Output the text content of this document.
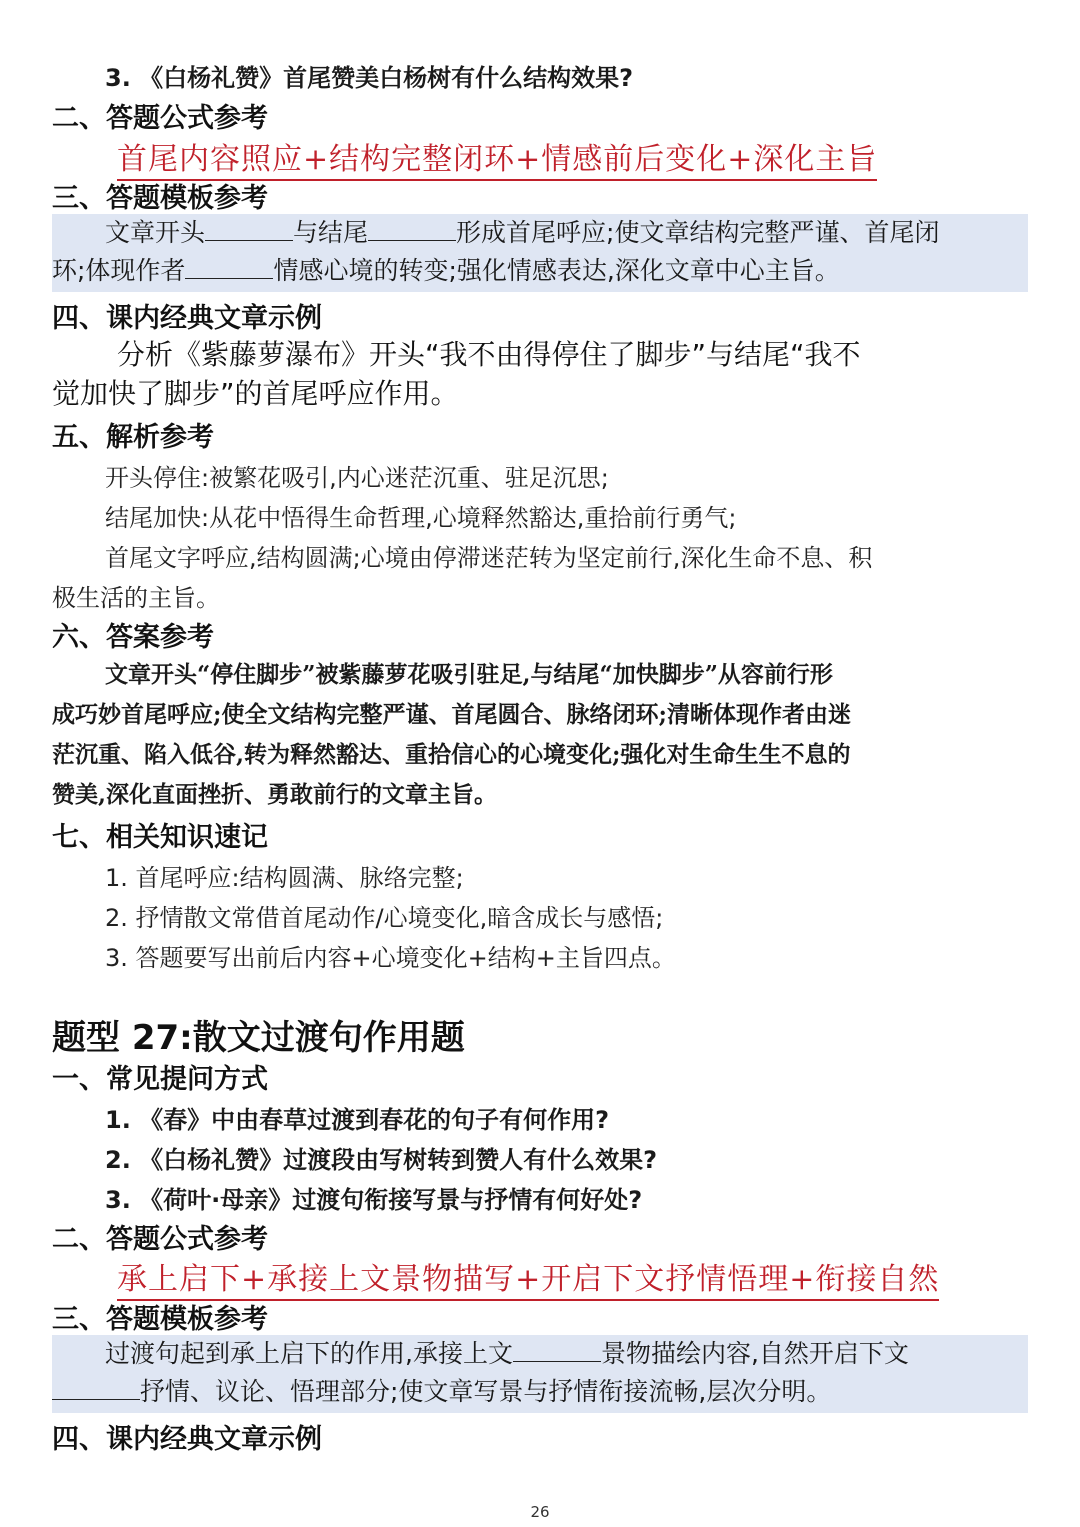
3. 《白杨礼赞》首尾赞美白杨树有什么结构效果?
二、答题公式参考
首尾内容照应+结构完整闭环+情感前后变化+深化主旨
三、答题模板参考
文章开头	与结尾	形成首尾呼应;使文章结构完整严谨、首尾闭
环;体现作者	情感心境的转变;强化情感表达,深化文章中心主旨。
四、课内经典文章示例
分析《紫藤萝瀑布》开头“我不由得停住了脚步”与结尾“我不
觉加快了脚步”的首尾呼应作用。
五、解析参考
开头停住:被繁花吸引,内心迷茫沉重、驻足沉思;
结尾加快:从花中悟得生命哲理,心境释然豁达,重拾前行勇气;
首尾文字呼应,结构圆满;心境由停滞迷茫转为坚定前行,深化生命不息、积
极生活的主旨。
六、答案参考
文章开头“停住脚步”被紫藤萝花吸引驻足,与结尾“加快脚步”从容前行形
成巧妙首尾呼应;使全文结构完整严谨、首尾圆合、脉络闭环;清晰体现作者由迷
茫沉重、陷入低谷,转为释然豁达、重拾信心的心境变化;强化对生命生生不息的
赞美,深化直面挫折、勇敢前行的文章主旨。
七、相关知识速记
1. 首尾呼应:结构圆满、脉络完整;
2. 抒情散文常借首尾动作/心境变化,暗含成长与感悟;
3. 答题要写出前后内容+心境变化+结构+主旨四点。
题型 27:散文过渡句作用题
一、常见提问方式
1. 《春》中由春草过渡到春花的句子有何作用?
2. 《白杨礼赞》过渡段由写树转到赞人有什么效果?
3. 《荷叶·母亲》过渡句衔接写景与抒情有何好处?
二、答题公式参考
承上启下+承接上文景物描写+开启下文抒情悟理+衔接自然
三、答题模板参考
过渡句起到承上启下的作用,承接上文	景物描绘内容,自然开启下文
抒情、议论、悟理部分;使文章写景与抒情衔接流畅,层次分明。
四、课内经典文章示例
26
